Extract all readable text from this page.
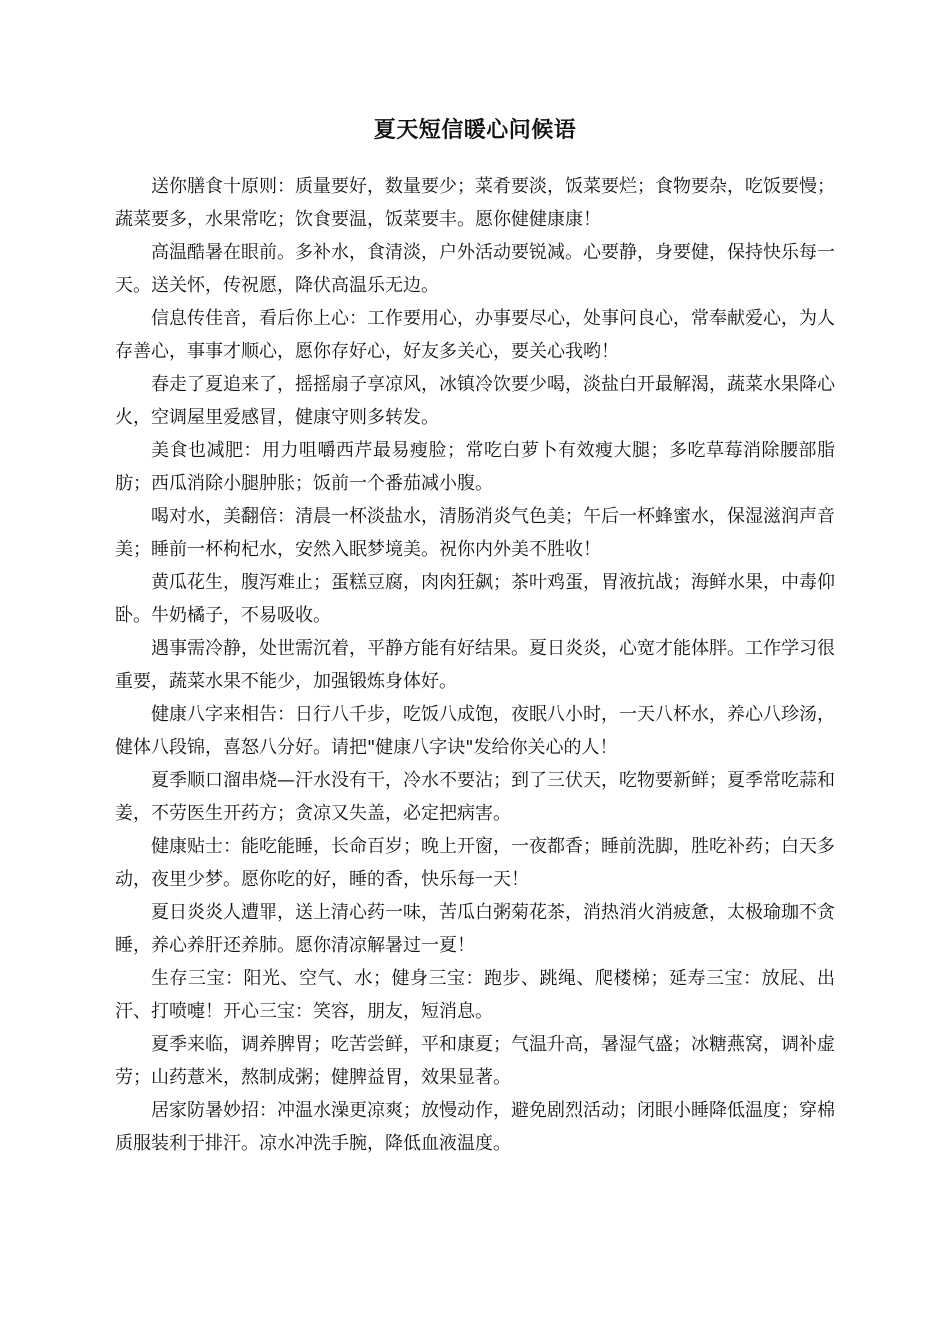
夏天短信暖心问候语

送你膳食十原则：质量要好，数量要少；菜肴要淡，饭菜要烂；食物要杂，吃饭要慢；蔬菜要多，水果常吃；饮食要温，饭菜要丰。愿你健健康康！

高温酷暑在眼前。多补水，食清淡，户外活动要锐减。心要静，身要健，保持快乐每一天。送关怀，传祝愿，降伏高温乐无边。

信息传佳音，看后你上心：工作要用心，办事要尽心，处事问良心，常奉献爱心，为人存善心，事事才顺心，愿你存好心，好友多关心，要关心我哟！

春走了夏追来了，摇摇扇子享凉风，冰镇冷饮要少喝，淡盐白开最解渴，蔬菜水果降心火，空调屋里爱感冒，健康守则多转发。

美食也减肥：用力咀嚼西芹最易瘦脸；常吃白萝卜有效瘦大腿；多吃草莓消除腰部脂肪；西瓜消除小腿肿胀；饭前一个番茄减小腹。

喝对水，美翻倍：清晨一杯淡盐水，清肠消炎气色美；午后一杯蜂蜜水，保湿滋润声音美；睡前一杯枸杞水，安然入眠梦境美。祝你内外美不胜收！

黄瓜花生，腹泻难止；蛋糕豆腐，肉肉狂飙；茶叶鸡蛋，胃液抗战；海鲜水果，中毒仰卧。牛奶橘子，不易吸收。

遇事需冷静，处世需沉着，平静方能有好结果。夏日炎炎，心宽才能体胖。工作学习很重要，蔬菜水果不能少，加强锻炼身体好。

健康八字来相告：日行八千步，吃饭八成饱，夜眠八小时，一天八杯水，养心八珍汤，健体八段锦，喜怒八分好。请把"健康八字诀"发给你关心的人！

夏季顺口溜串烧—汗水没有干，冷水不要沾；到了三伏天，吃物要新鲜；夏季常吃蒜和姜，不劳医生开药方；贪凉又失盖，必定把病害。

健康贴士：能吃能睡，长命百岁；晚上开窗，一夜都香；睡前洗脚，胜吃补药；白天多动，夜里少梦。愿你吃的好，睡的香，快乐每一天！

夏日炎炎人遭罪，送上清心药一味，苦瓜白粥菊花茶，消热消火消疲惫，太极瑜珈不贪睡，养心养肝还养肺。愿你清凉解暑过一夏！

生存三宝：阳光、空气、水；健身三宝：跑步、跳绳、爬楼梯；延寿三宝：放屁、出汗、打喷嚏！开心三宝：笑容，朋友，短消息。

夏季来临，调养脾胃；吃苦尝鲜，平和康夏；气温升高，暑湿气盛；冰糖燕窝，调补虚劳；山药薏米，熬制成粥；健脾益胃，效果显著。

居家防暑妙招：冲温水澡更凉爽；放慢动作，避免剧烈活动；闭眼小睡降低温度；穿棉质服装利于排汗。凉水冲洗手腕，降低血液温度。
